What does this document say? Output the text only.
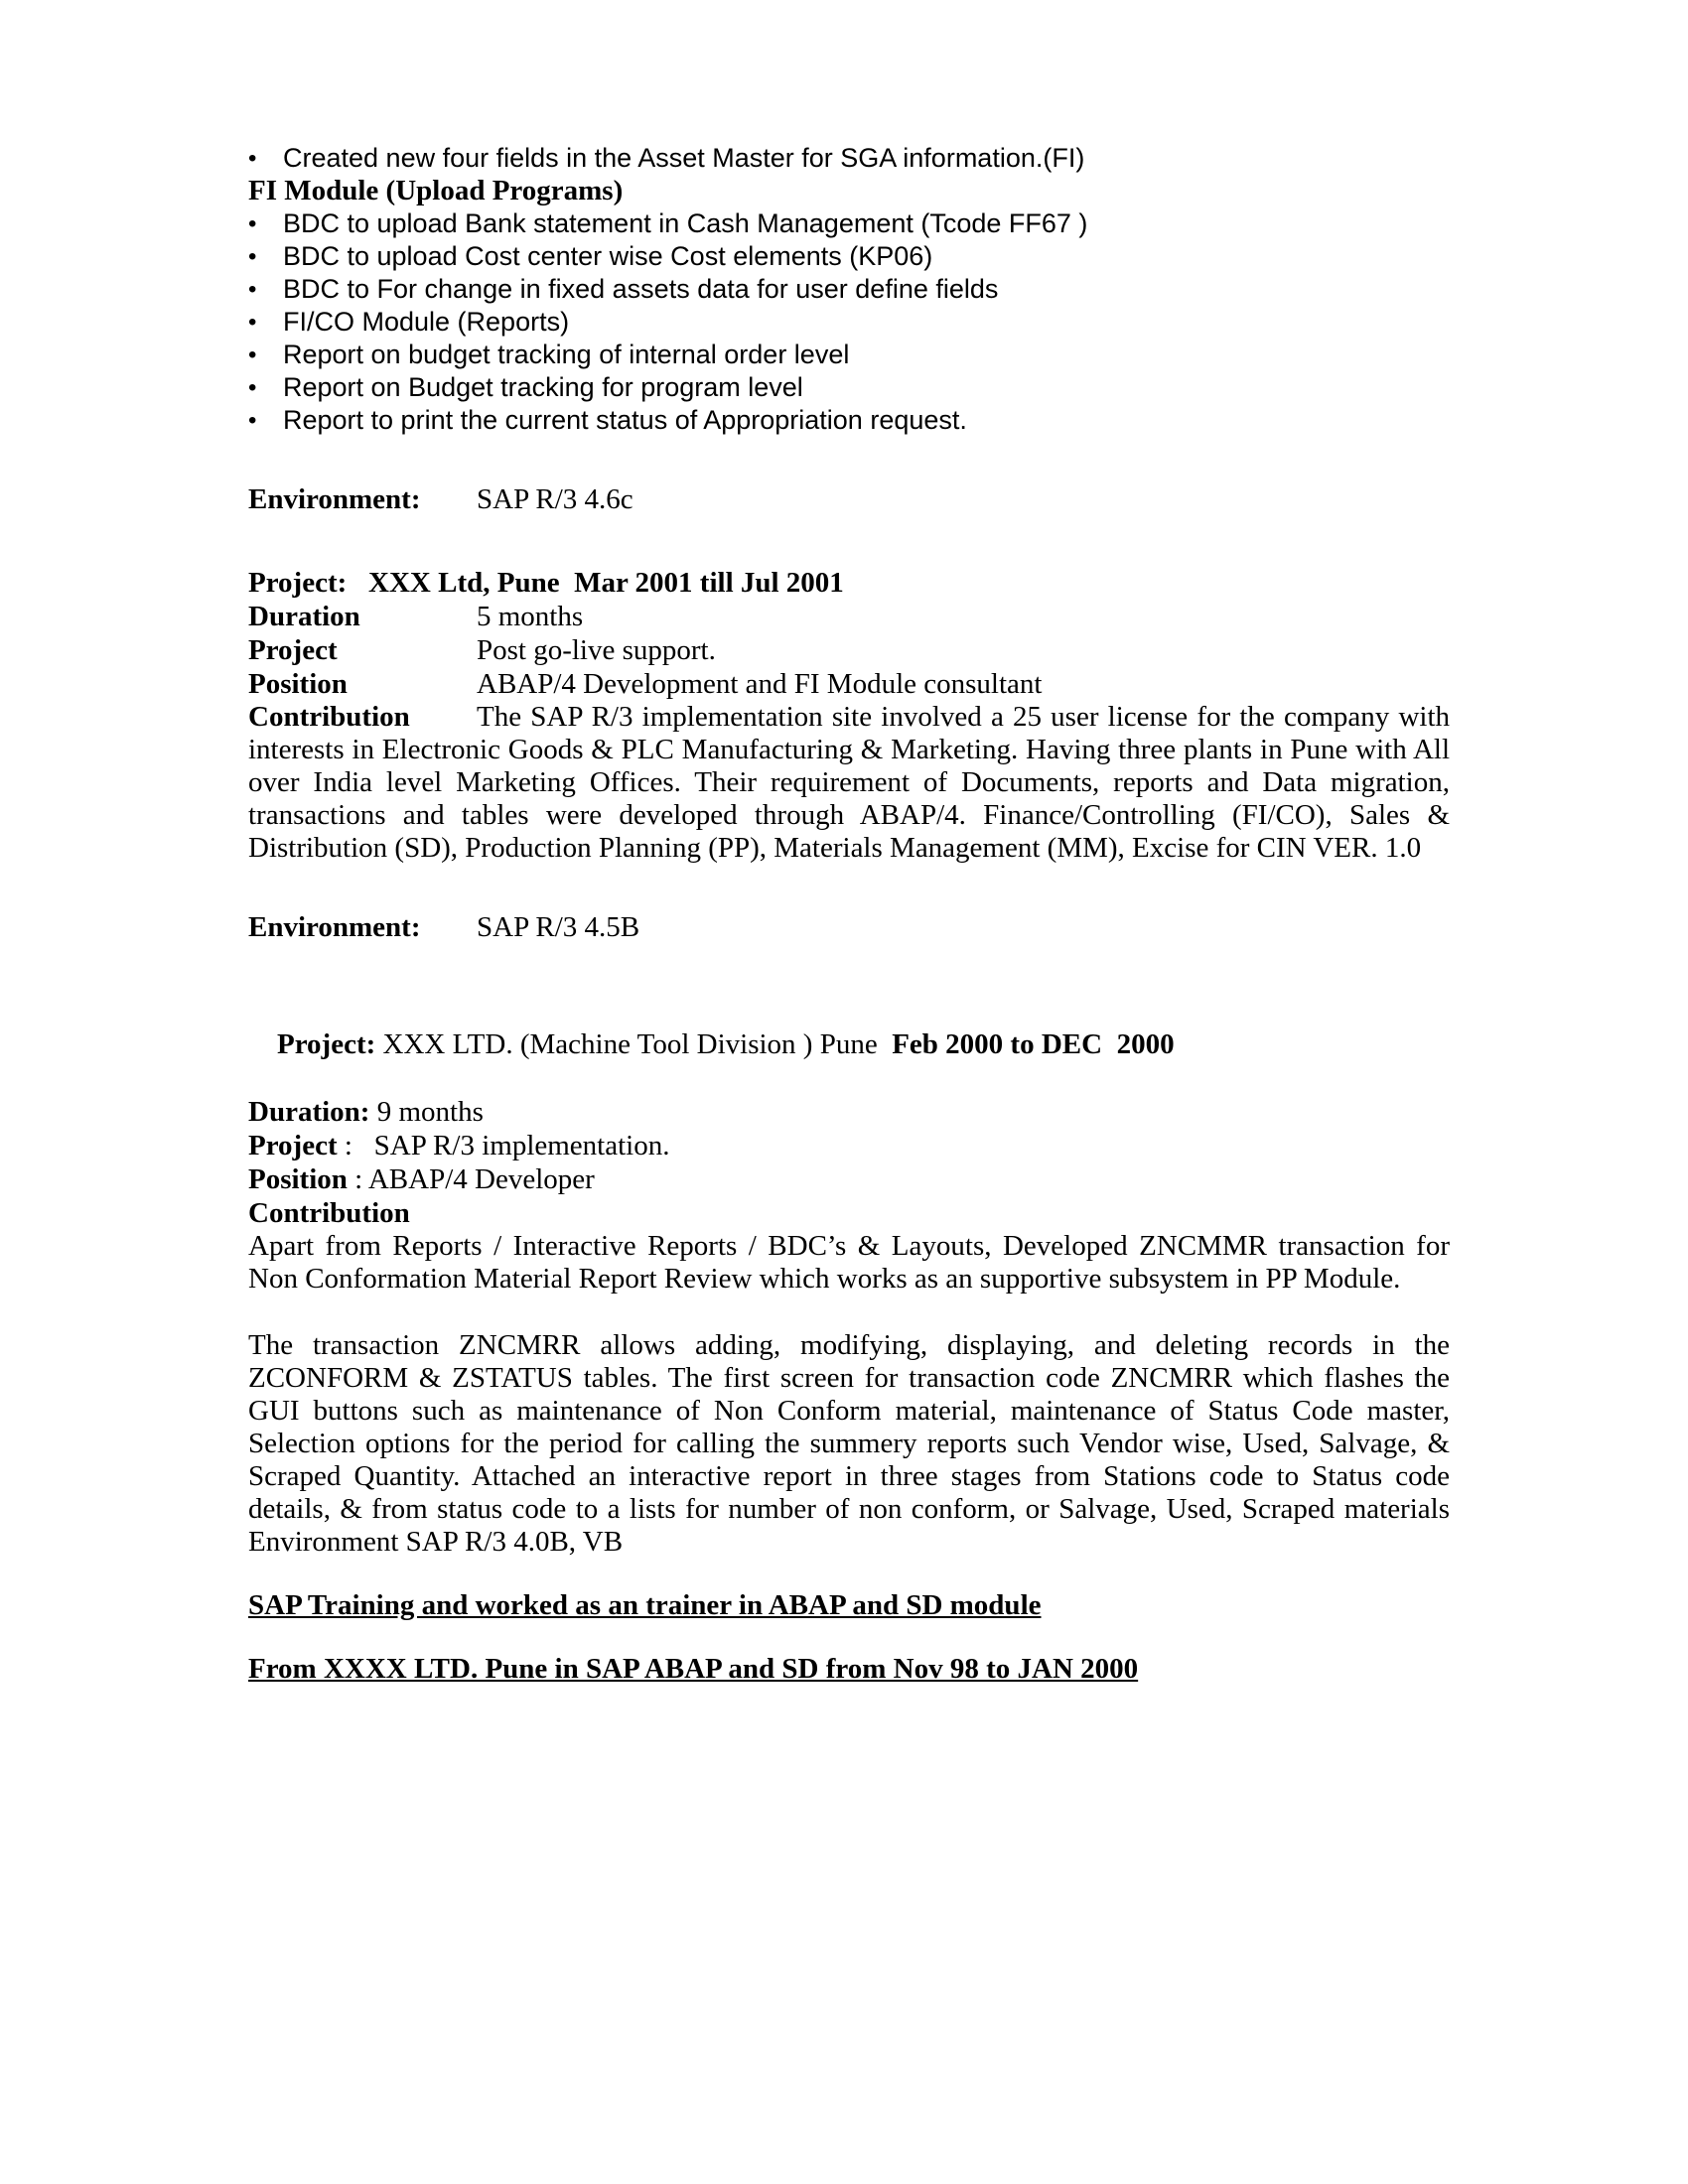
• Created new four fields in the Asset Master for SGA information.(FI)
FI Module (Upload Programs)
• BDC to upload Bank statement in Cash Management (Tcode FF67 )
• BDC to upload Cost center wise Cost elements (KP06)
• BDC to For change in fixed assets data for user define fields
• FI/CO Module (Reports)
• Report on budget tracking of internal order level
• Report on Budget tracking for program level
• Report to print the current status of Appropriation request.
Environment: SAP R/3 4.6c
Project:   XXX Ltd, Pune  Mar 2001 till Jul 2001
Duration	5 months
Project	Post go-live support.
Position	ABAP/4 Development and FI Module consultant
Contribution The SAP R/3 implementation site involved a 25 user license for the company with interests in Electronic Goods & PLC Manufacturing & Marketing. Having three plants in Pune with All over India level Marketing Offices. Their requirement of Documents, reports and Data migration, transactions and tables were developed through ABAP/4. Finance/Controlling (FI/CO), Sales & Distribution (SD), Production Planning (PP), Materials Management (MM), Excise for CIN VER. 1.0
Environment: SAP R/3 4.5B

Project: XXX LTD. (Machine Tool Division ) Pune  Feb 2000 to DEC  2000

Duration: 9 months
Project :   SAP R/3 implementation.
Position : ABAP/4 Developer
Contribution
Apart from Reports / Interactive Reports / BDC’s & Layouts, Developed ZNCMMR transaction for Non Conformation Material Report Review which works as an supportive subsystem in PP Module.
The transaction ZNCMRR allows adding, modifying, displaying, and deleting records in the ZCONFORM & ZSTATUS tables. The first screen for transaction code ZNCMRR which flashes the GUI buttons such as maintenance of Non Conform material, maintenance of Status Code master, Selection options for the period for calling the summery reports such Vendor wise, Used, Salvage, & Scraped Quantity. Attached an interactive report in three stages from Stations code to Status code details, & from status code to a lists for number of non conform, or Salvage, Used, Scraped materials Environment SAP R/3 4.0B, VB
SAP Training and worked as an trainer in ABAP and SD module
From XXXX LTD. Pune in SAP ABAP and SD from Nov 98 to JAN 2000
